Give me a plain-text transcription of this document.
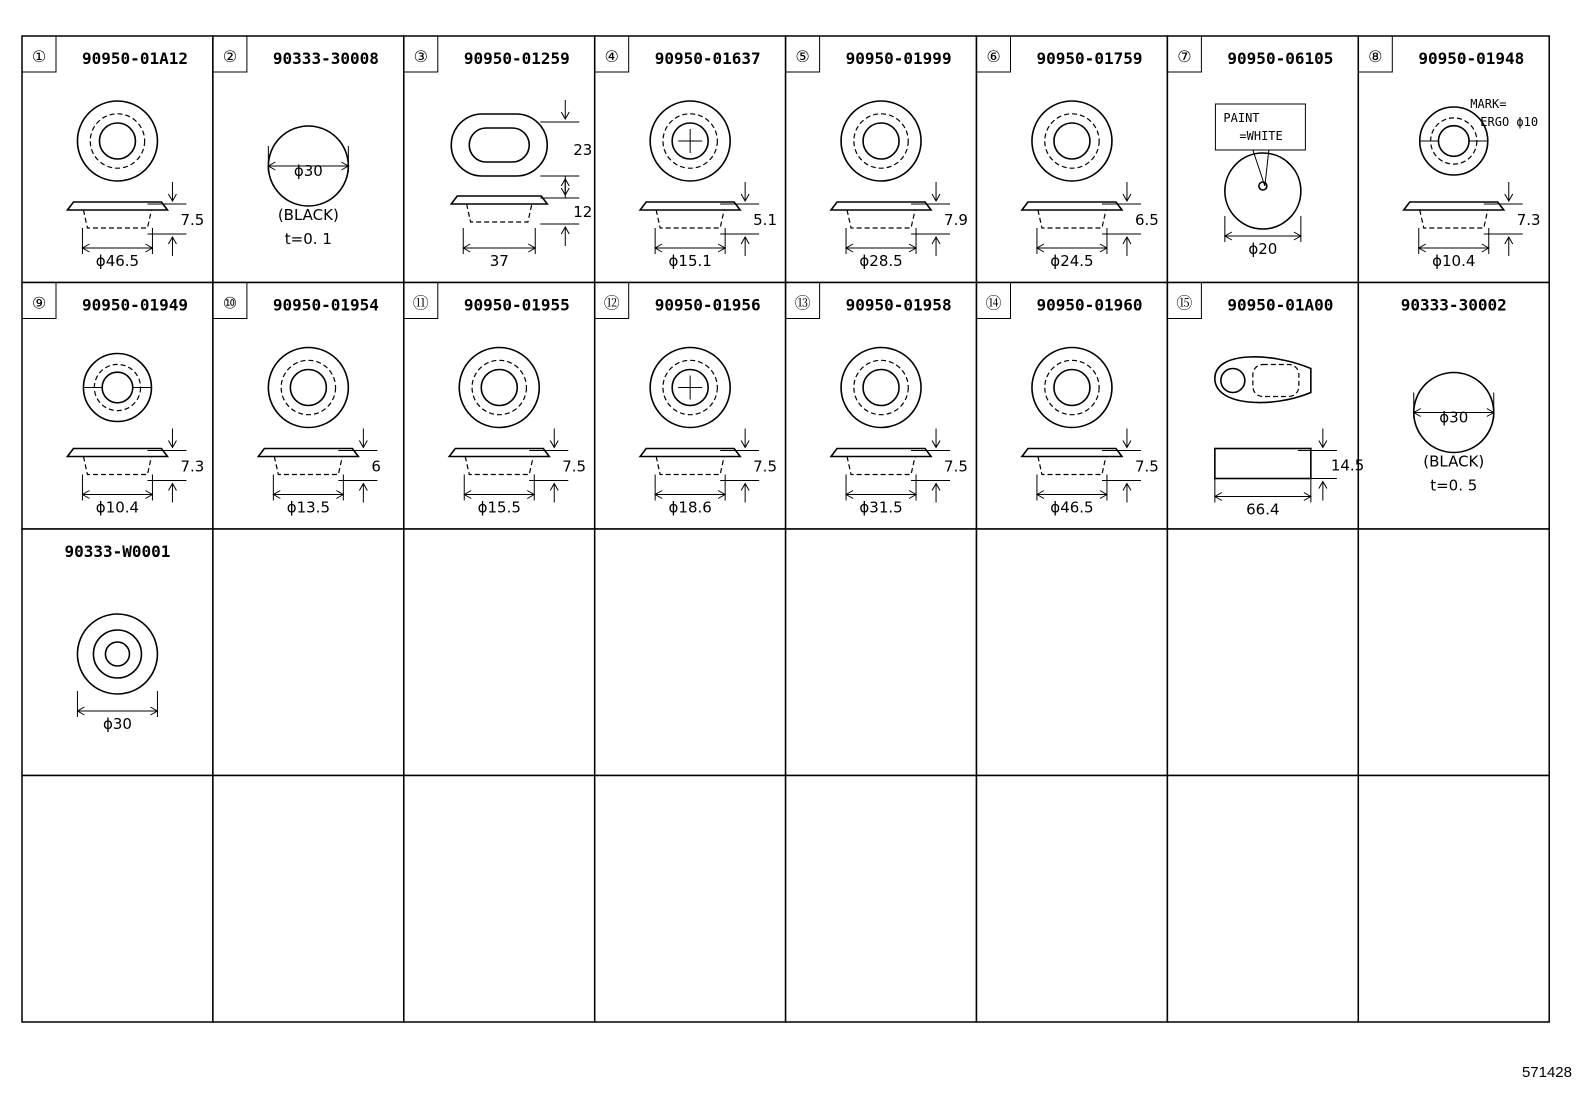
① 90950-01A12
7.5
ϕ46.5
② 90333-30008
ϕ30
(BLACK)
t=0. 1
③ 90950-01259
23
12
37
④ 90950-01637
5.1
ϕ15.1
⑤ 90950-01999
7.9
ϕ28.5
⑥ 90950-01759
6.5
ϕ24.5
⑦ 90950-06105
PAINT
=WHITE
ϕ20
⑧ 90950-01948
7.3
ϕ10.4
MARK=
ERGO ϕ10
⑨ 90950-01949
7.3
ϕ10.4
⑩ 90950-01954
6
ϕ13.5
⑪ 90950-01955
7.5
ϕ15.5
⑫ 90950-01956
7.5
ϕ18.6
⑬ 90950-01958
7.5
ϕ31.5
⑭ 90950-01960
7.5
ϕ46.5
⑮ 90950-01A00
14.5
66.4
90333-30002
ϕ30
(BLACK)
t=0. 5
90333-W0001
ϕ30
571428
